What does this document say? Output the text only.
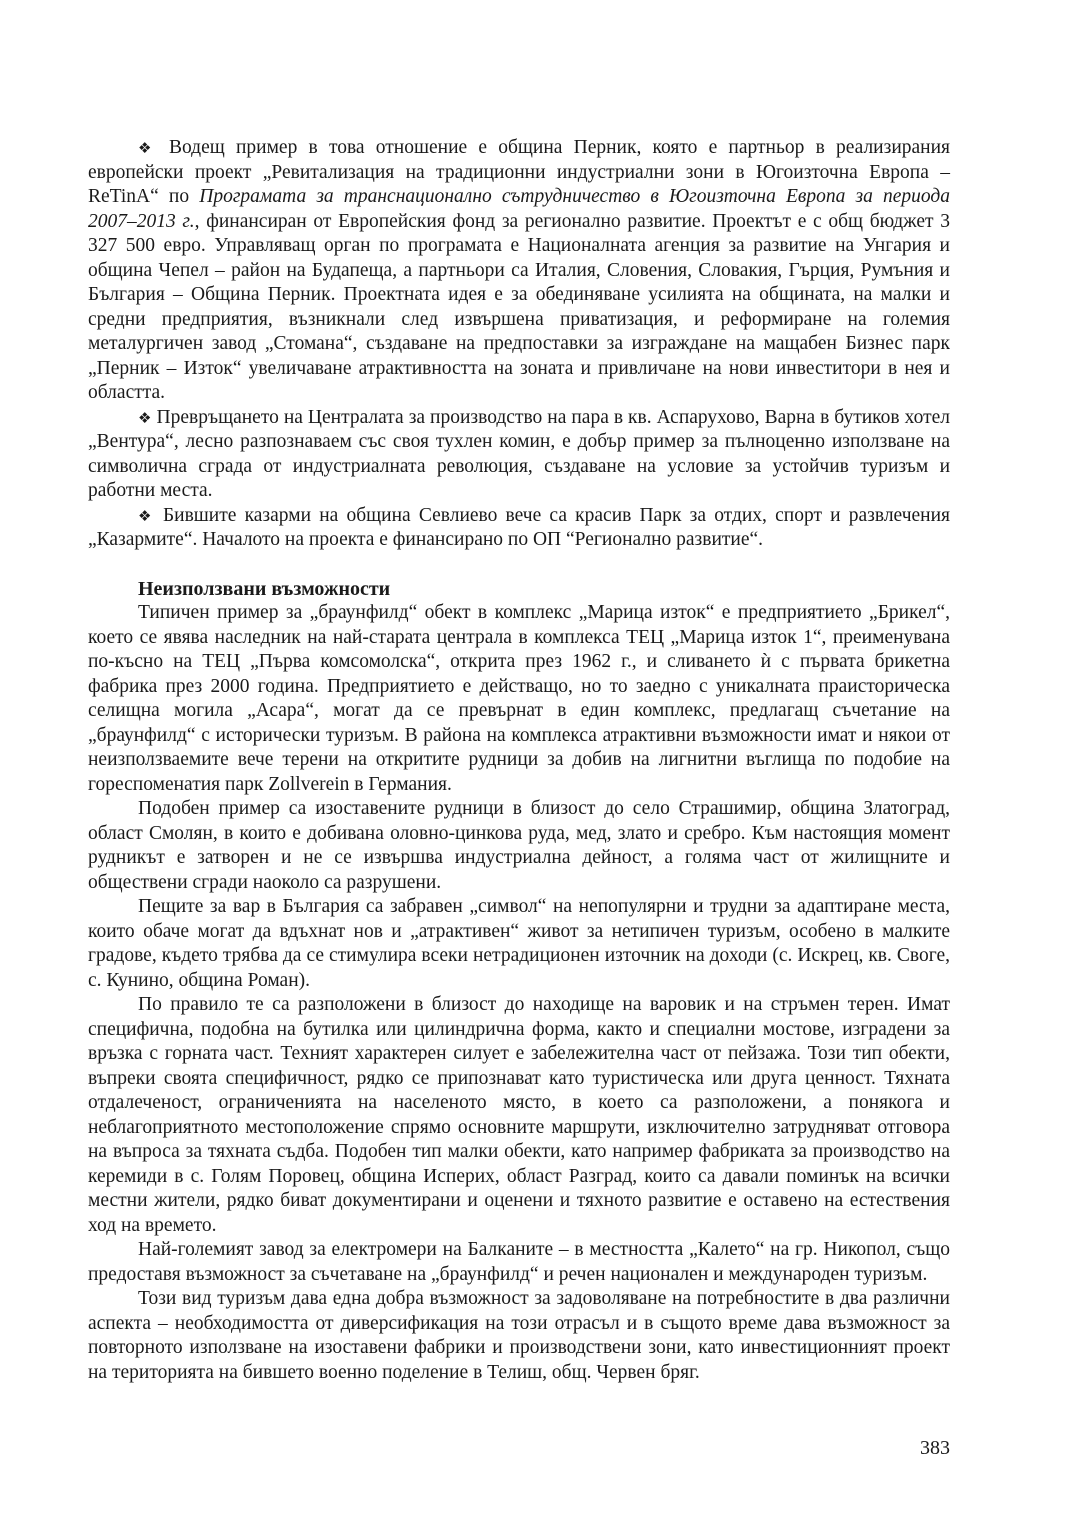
❖ Водещ пример в това отношение е община Перник, която е партньор в реализирания европейски проект „Ревитализация на традиционни индустриални зони в Югоизточна Европа – ReTinA“ по Програмата за транснационално сътрудничество в Югоизточна Европа за периода 2007–2013 г., финансиран от Европейския фонд за регионално развитие. Проектът е с общ бюджет 3 327 500 евро. Управляващ орган по програмата е Националната агенция за развитие на Унгария и община Чепел – район на Будапеща, а партньори са Италия, Словения, Словакия, Гърция, Румъния и България – Община Перник. Проектната идея е за обединяване усилията на общината, на малки и средни предприятия, възникнали след извършена приватизация, и реформиране на големия металургичен завод „Стомана“, създаване на предпоставки за изграждане на мащабен Бизнес парк „Перник – Изток“ увеличаване атрактивността на зоната и привличане на нови инвеститори в нея и областта.

❖ Превръщането на Централата за производство на пара в кв. Аспарухово, Варна в бутиков хотел „Вентура“, лесно разпознаваем със своя тухлен комин, е добър пример за пълноценно използване на символична сграда от индустриалната революция, създаване на условие за устойчив туризъм и работни места.

❖ Бившите казарми на община Севлиево вече са красив Парк за отдих, спорт и развлечения „Казармите“. Началото на проекта е финансирано по ОП “Регионално развитие“.

Неизползвани възможности

Типичен пример за „браунфилд“ обект в комплекс „Марица изток“ е предприятието „Брикел“, което се явява наследник на най-старата централа в комплекса ТЕЦ „Марица изток 1“, преименувана по-късно на ТЕЦ „Първа комсомолска“, открита през 1962 г., и сливането ѝ с първата брикетна фабрика през 2000 година. Предприятието е действащо, но то заедно с уникалната праисторическа селищна могила „Асара“, могат да се превърнат в един комплекс, предлагащ съчетание на „браунфилд“ с исторически туризъм. В района на комплекса атрактивни възможности имат и някои от неизползваемите вече терени на откритите рудници за добив на лигнитни въглища по подобие на гореспоменатия парк Zollverein в Германия.

Подобен пример са изоставените рудници в близост до село Страшимир, община Златоград, област Смолян, в които е добивана оловно-цинкова руда, мед, злато и сребро. Към настоящия момент рудникът е затворен и не се извършва индустриална дейност, а голяма част от жилищните и обществени сгради наоколо са разрушени.

Пещите за вар в България са забравен „символ“ на непопулярни и трудни за адаптиране места, които обаче могат да вдъхнат нов и „атрактивен“ живот за нетипичен туризъм, особено в малките градове, където трябва да се стимулира всеки нетрадиционен източник на доходи (с. Искрец, кв. Своге, с. Кунино, община Роман).

По правило те са разположени в близост до находище на варовик и на стръмен терен. Имат специфична, подобна на бутилка или цилиндрична форма, както и специални мостове, изградени за връзка с горната част. Техният характерен силует е забележителна част от пейзажа. Този тип обекти, въпреки своята специфичност, рядко се припознават като туристическа или друга ценност. Тяхната отдалеченост, ограниченията на населеното място, в което са разположени, а понякога и неблагоприятното местоположение спрямо основните маршрути, изключително затрудняват отговора на въпроса за тяхната съдба. Подобен тип малки обекти, като например фабриката за производство на керемиди в с. Голям Поровец, община Исперих, област Разград, които са давали поминък на всички местни жители, рядко биват документирани и оценени и тяхното развитие е оставено на естествения ход на времето.

Най-големият завод за електромери на Балканите – в местността „Калето“ на гр. Никопол, също предоставя възможност за съчетаване на „браунфилд“ и речен национален и международен туризъм.

Този вид туризъм дава една добра възможност за задоволяване на потребностите в два различни аспекта – необходимостта от диверсификация на този отрасъл и в същото време дава възможност за повторното използване на изоставени фабрики и производствени зони, като инвестиционният проект на територията на бившето военно поделение в Телиш, общ. Червен бряг.

383
